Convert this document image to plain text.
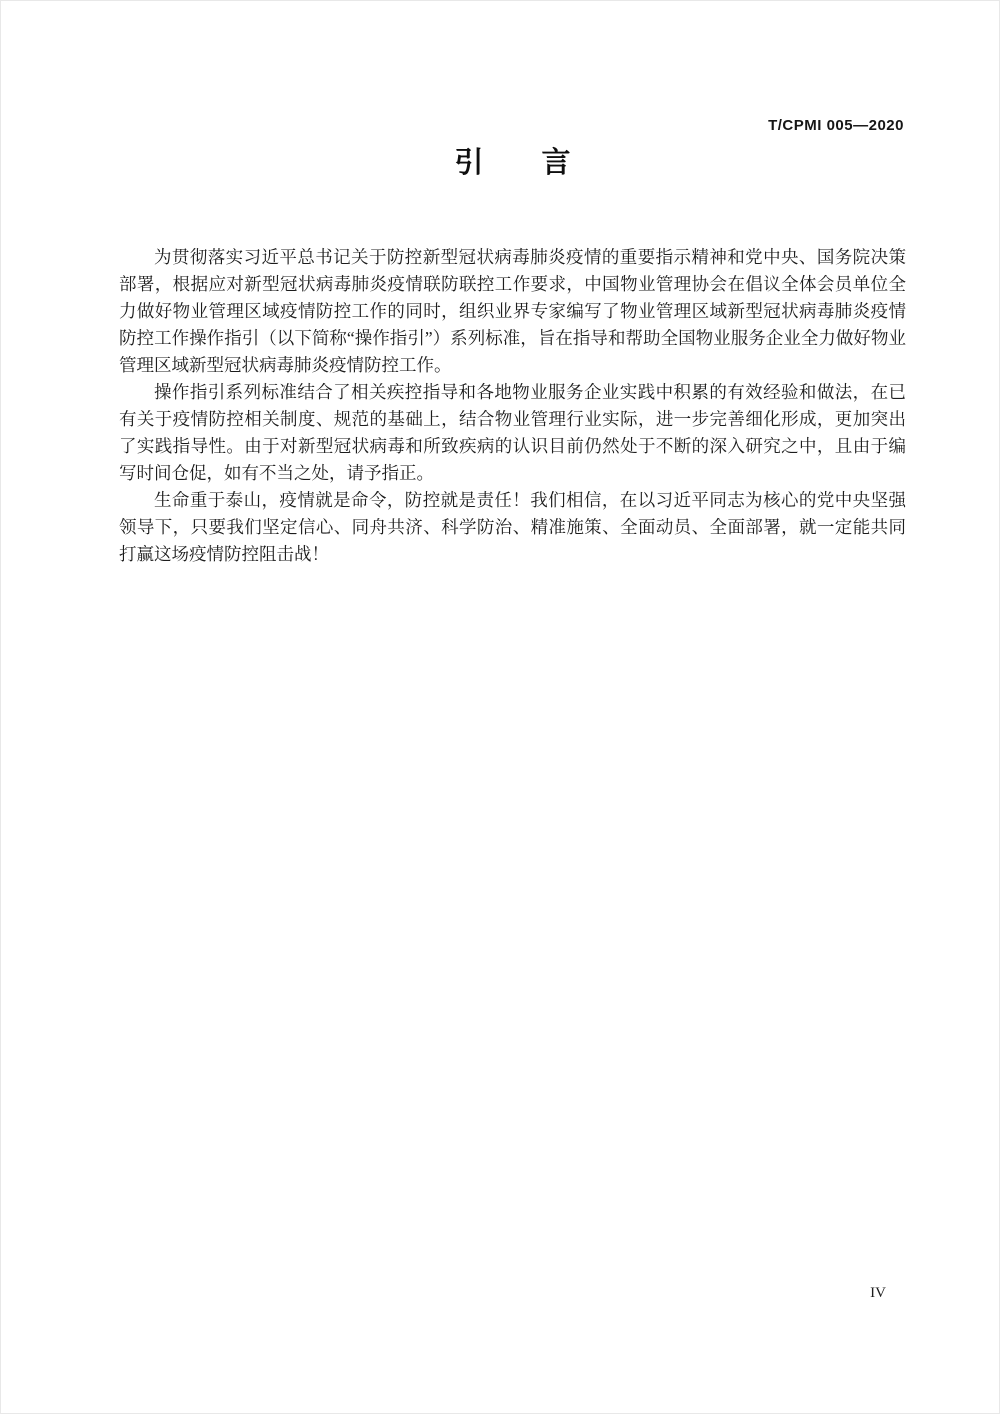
T/CPMI 005—2020
引　　言

为贯彻落实习近平总书记关于防控新型冠状病毒肺炎疫情的重要指示精神和党中央、国务院决策部署，根据应对新型冠状病毒肺炎疫情联防联控工作要求，中国物业管理协会在倡议全体会员单位全力做好物业管理区域疫情防控工作的同时，组织业界专家编写了物业管理区域新型冠状病毒肺炎疫情防控工作操作指引（以下简称“操作指引”）系列标准，旨在指导和帮助全国物业服务企业全力做好物业管理区域新型冠状病毒肺炎疫情防控工作。

操作指引系列标准结合了相关疾控指导和各地物业服务企业实践中积累的有效经验和做法，在已有关于疫情防控相关制度、规范的基础上，结合物业管理行业实际，进一步完善细化形成，更加突出了实践指导性。由于对新型冠状病毒和所致疾病的认识目前仍然处于不断的深入研究之中，且由于编写时间仓促，如有不当之处，请予指正。

生命重于泰山，疫情就是命令，防控就是责任！我们相信，在以习近平同志为核心的党中央坚强领导下，只要我们坚定信心、同舟共济、科学防治、精准施策、全面动员、全面部署，就一定能共同打赢这场疫情防控阻击战！

IV
